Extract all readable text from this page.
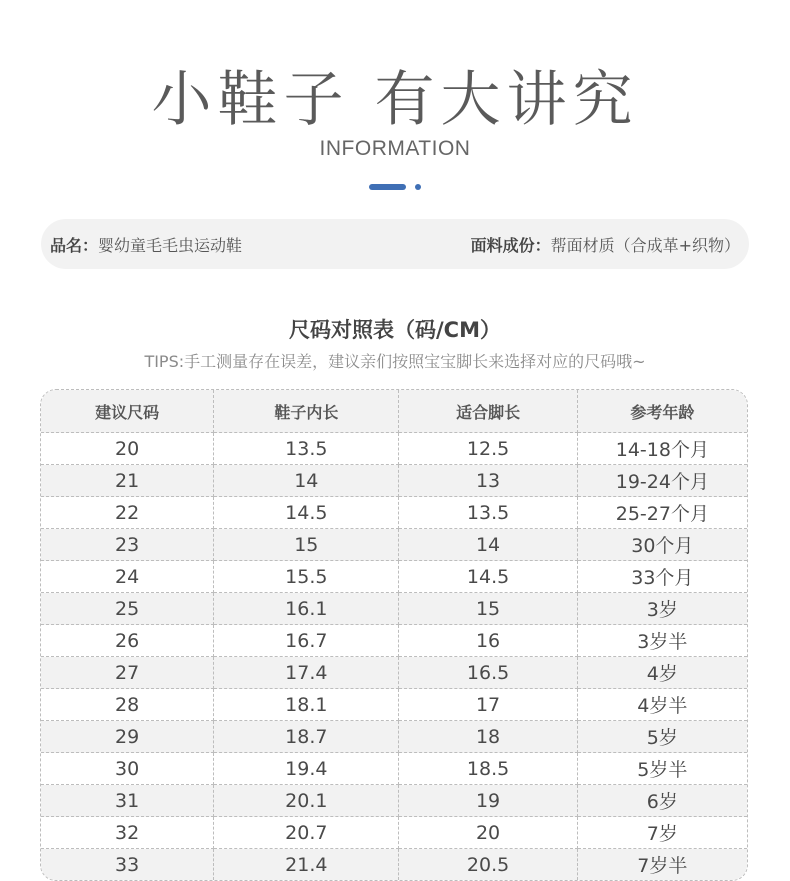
小鞋子 有大讲究
INFORMATION
品名：婴幼童毛毛虫运动鞋	面料成份：帮面材质（合成革+织物）
尺码对照表（码/CM）
TIPS:手工测量存在误差，建议亲们按照宝宝脚长来选择对应的尺码哦~
建议尺码	鞋子内长	适合脚长	参考年龄
20	13.5	12.5	14-18个月
21	14	13	19-24个月
22	14.5	13.5	25-27个月
23	15	14	30个月
24	15.5	14.5	33个月
25	16.1	15	3岁
26	16.7	16	3岁半
27	17.4	16.5	4岁
28	18.1	17	4岁半
29	18.7	18	5岁
30	19.4	18.5	5岁半
31	20.1	19	6岁
32	20.7	20	7岁
33	21.4	20.5	7岁半
